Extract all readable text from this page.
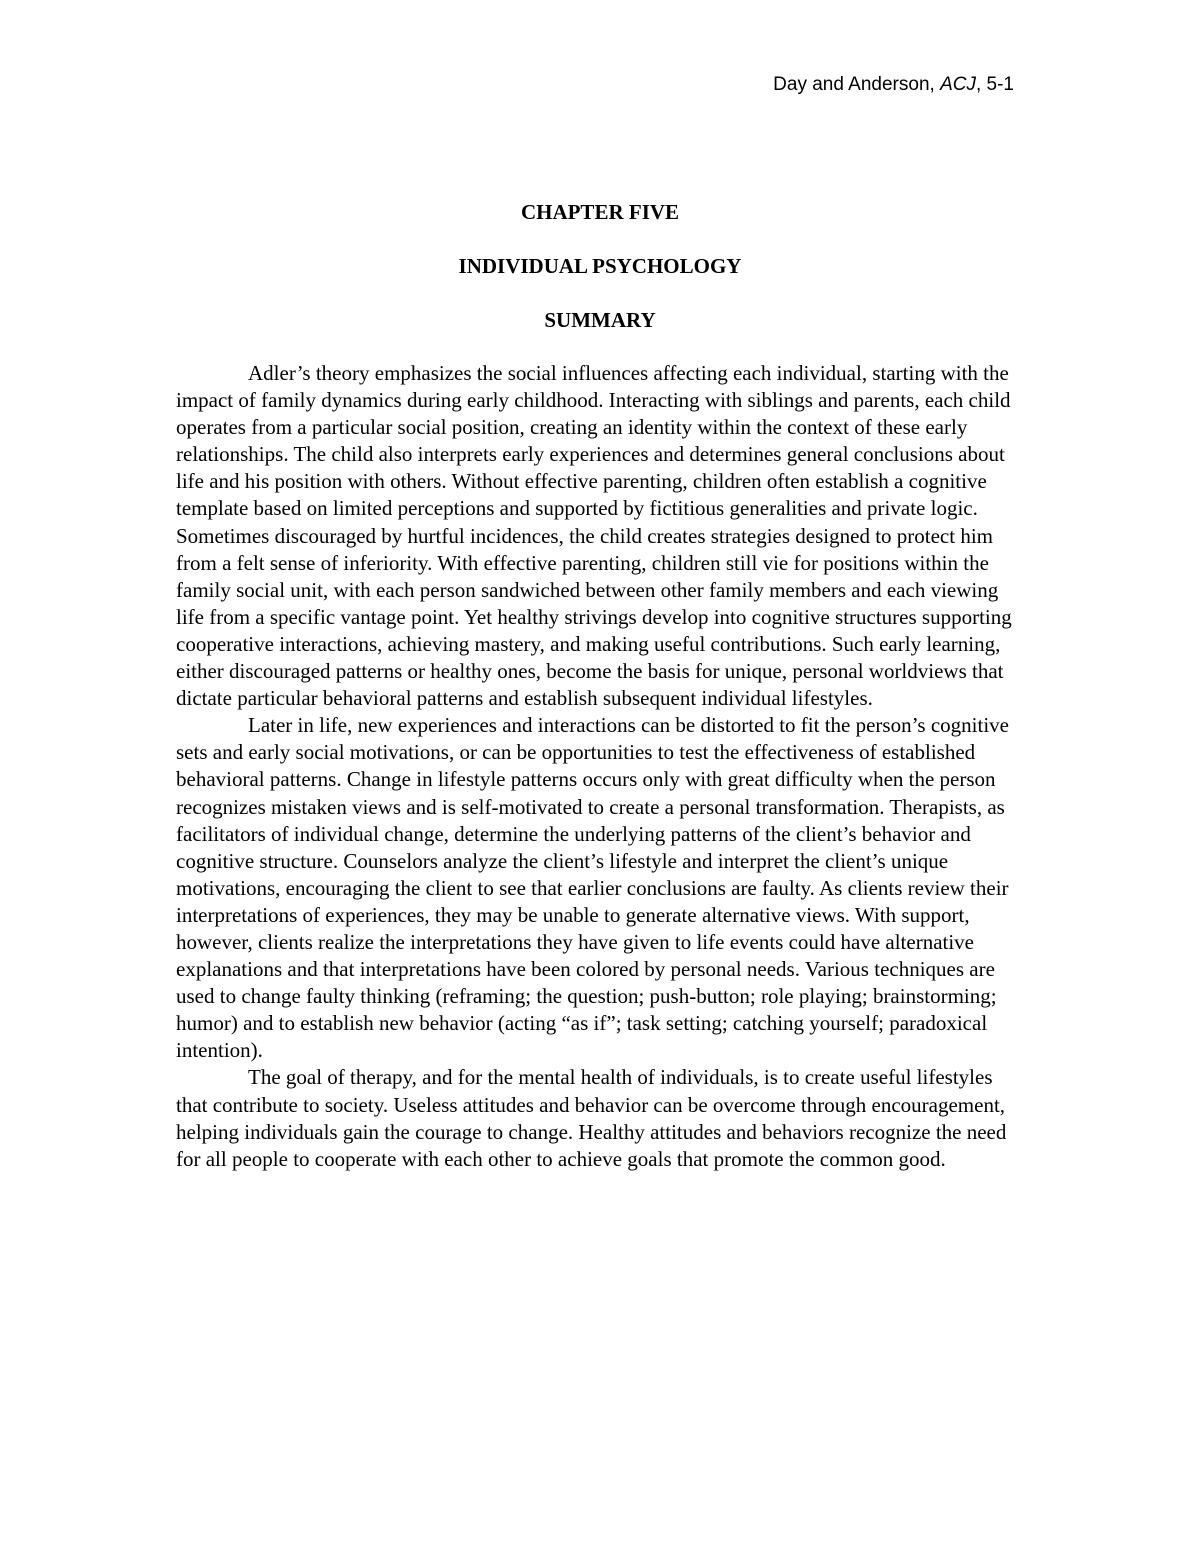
Day and Anderson, ACJ, 5-1
CHAPTER FIVE
INDIVIDUAL PSYCHOLOGY
SUMMARY

Adler’s theory emphasizes the social influences affecting each individual, starting with the impact of family dynamics during early childhood. Interacting with siblings and parents, each child operates from a particular social position, creating an identity within the context of these early relationships. The child also interprets early experiences and determines general conclusions about life and his position with others. Without effective parenting, children often establish a cognitive template based on limited perceptions and supported by fictitious generalities and private logic. Sometimes discouraged by hurtful incidences, the child creates strategies designed to protect him from a felt sense of inferiority. With effective parenting, children still vie for positions within the family social unit, with each person sandwiched between other family members and each viewing life from a specific vantage point. Yet healthy strivings develop into cognitive structures supporting cooperative interactions, achieving mastery, and making useful contributions. Such early learning, either discouraged patterns or healthy ones, become the basis for unique, personal worldviews that dictate particular behavioral patterns and establish subsequent individual lifestyles.

Later in life, new experiences and interactions can be distorted to fit the person’s cognitive sets and early social motivations, or can be opportunities to test the effectiveness of established behavioral patterns. Change in lifestyle patterns occurs only with great difficulty when the person recognizes mistaken views and is self-motivated to create a personal transformation. Therapists, as facilitators of individual change, determine the underlying patterns of the client’s behavior and cognitive structure. Counselors analyze the client’s lifestyle and interpret the client’s unique motivations, encouraging the client to see that earlier conclusions are faulty. As clients review their interpretations of experiences, they may be unable to generate alternative views. With support, however, clients realize the interpretations they have given to life events could have alternative explanations and that interpretations have been colored by personal needs. Various techniques are used to change faulty thinking (reframing; the question; push-button; role playing; brainstorming; humor) and to establish new behavior (acting “as if”; task setting; catching yourself; paradoxical intention).

The goal of therapy, and for the mental health of individuals, is to create useful lifestyles that contribute to society. Useless attitudes and behavior can be overcome through encouragement, helping individuals gain the courage to change. Healthy attitudes and behaviors recognize the need for all people to cooperate with each other to achieve goals that promote the common good.
